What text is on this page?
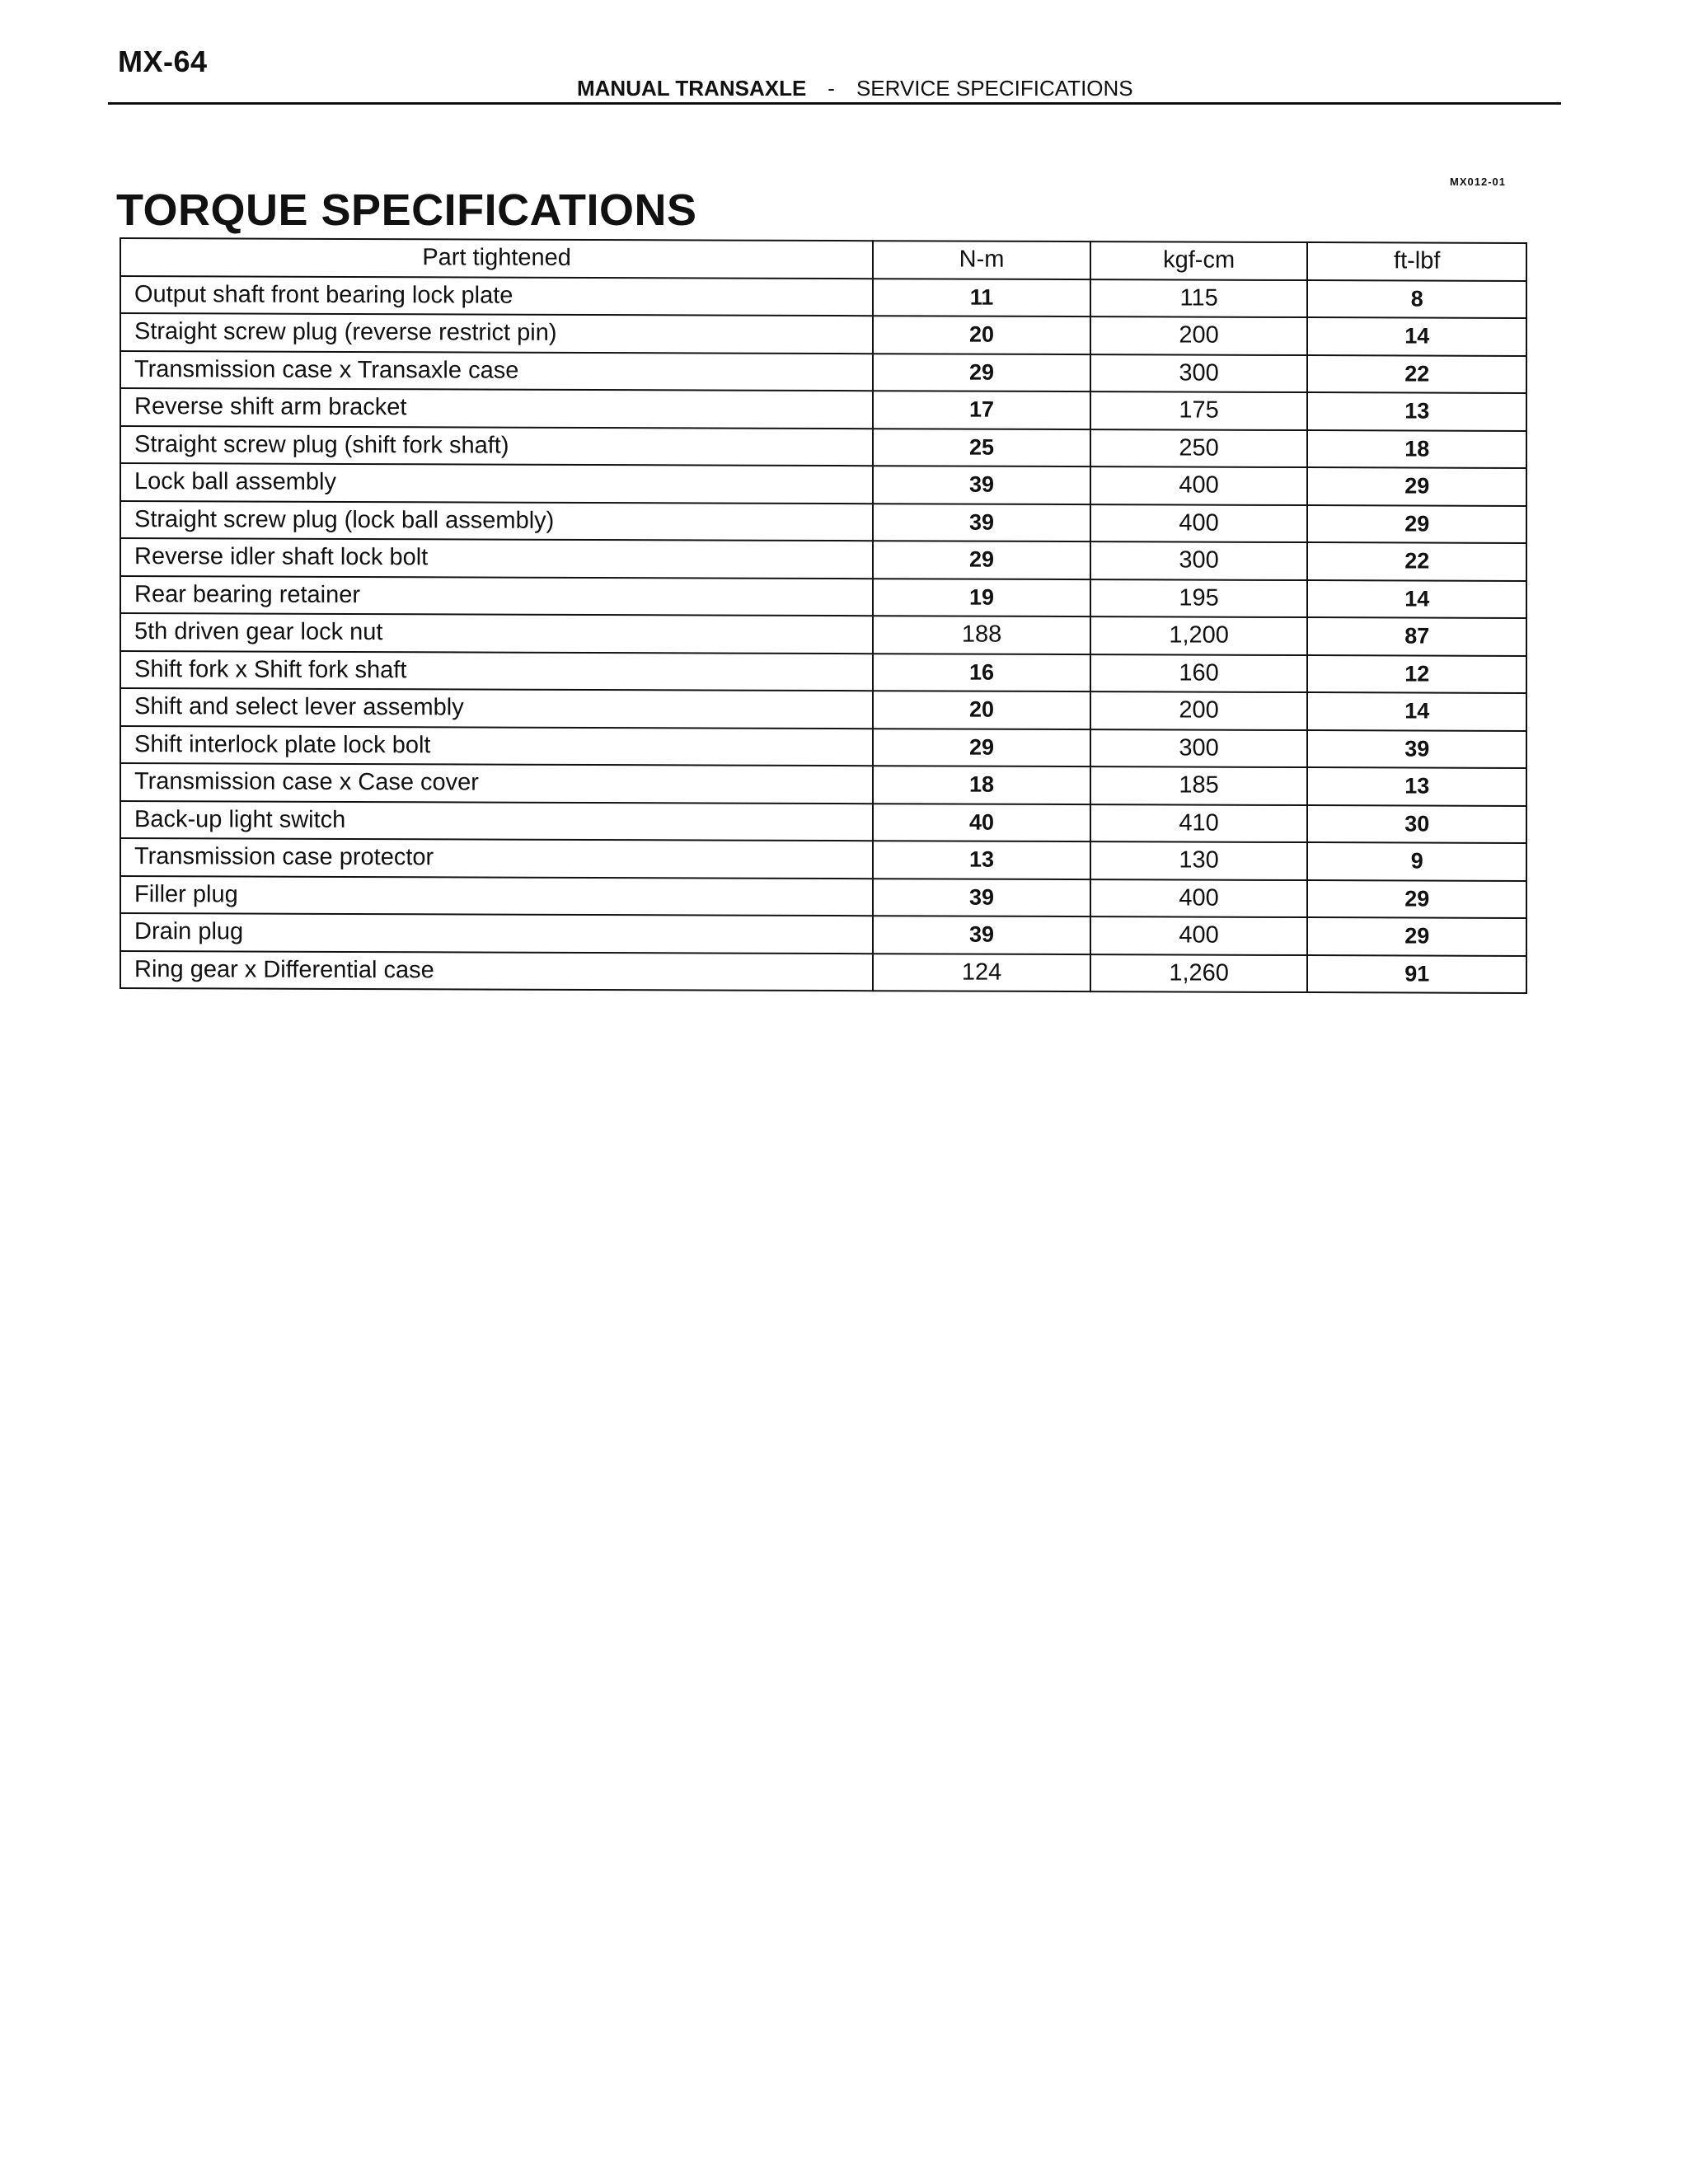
MX-64
MANUAL TRANSAXLE - SERVICE SPECIFICATIONS
MX012-01
TORQUE SPECIFICATIONS
Part tightened	N-m	kgf-cm	ft-lbf
Output shaft front bearing lock plate	11	115	8
Straight screw plug (reverse restrict pin)	20	200	14
Transmission case x Transaxle case	29	300	22
Reverse shift arm bracket	17	175	13
Straight screw plug (shift fork shaft)	25	250	18
Lock ball assembly	39	400	29
Straight screw plug (lock ball assembly)	39	400	29
Reverse idler shaft lock bolt	29	300	22
Rear bearing retainer	19	195	14
5th driven gear lock nut	188	1,200	87
Shift fork x Shift fork shaft	16	160	12
Shift and select lever assembly	20	200	14
Shift interlock plate lock bolt	29	300	39
Transmission case x Case cover	18	185	13
Back-up light switch	40	410	30
Transmission case protector	13	130	9
Filler plug	39	400	29
Drain plug	39	400	29
Ring gear x Differential case	124	1,260	91
